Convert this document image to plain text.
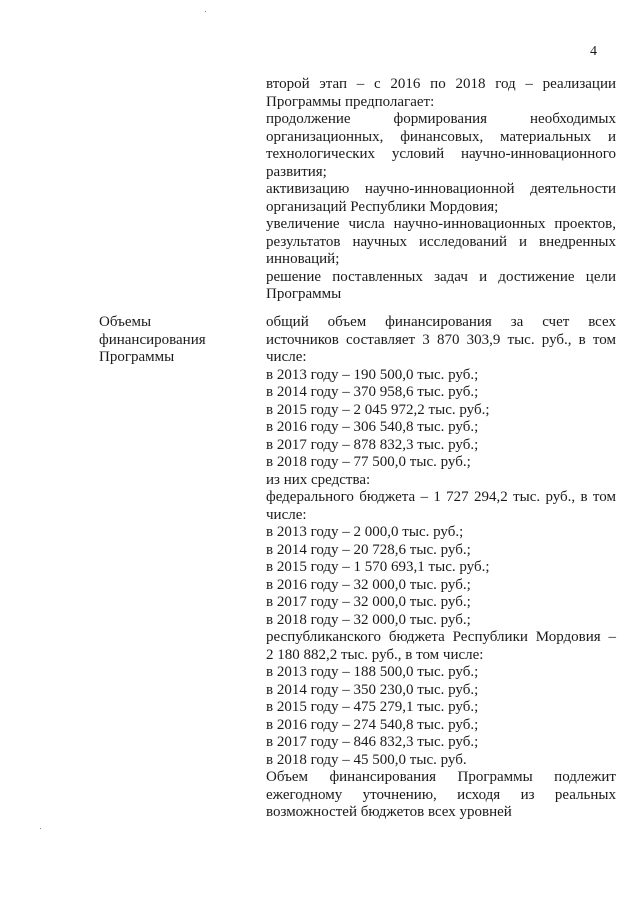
4

второй этап – с 2016 по 2018 год – реализации

Программы предполагает:

продолжение формирования необходимых

организационных, финансовых, материальных и

технологических условий научно-инновационного

развития;

активизацию научно-инновационной деятельности

организаций Республики Мордовия;

увеличение числа научно-инновационных проектов,

результатов научных исследований и внедренных

инноваций;

решение поставленных задач и достижение цели

Программы

Объемы

финансирования

Программы

общий объем финансирования за счет всех

источников составляет 3 870 303,9 тыс. руб., в том

числе:

в 2013 году – 190 500,0 тыс. руб.;

в 2014 году – 370 958,6 тыс. руб.;

в 2015 году – 2 045 972,2 тыс. руб.;

в 2016 году – 306 540,8 тыс. руб.;

в 2017 году – 878 832,3 тыс. руб.;

в 2018 году – 77 500,0 тыс. руб.;

из них средства:

федерального бюджета – 1 727 294,2 тыс. руб., в том

числе:

в 2013 году – 2 000,0 тыс. руб.;

в 2014 году – 20 728,6 тыс. руб.;

в 2015 году – 1 570 693,1 тыс. руб.;

в 2016 году – 32 000,0 тыс. руб.;

в 2017 году – 32 000,0 тыс. руб.;

в 2018 году – 32 000,0 тыс. руб.;

республиканского бюджета Республики Мордовия –

2 180 882,2 тыс. руб., в том числе:

в 2013 году – 188 500,0 тыс. руб.;

в 2014 году – 350 230,0 тыс. руб.;

в 2015 году – 475 279,1 тыс. руб.;

в 2016 году – 274 540,8 тыс. руб.;

в 2017 году – 846 832,3 тыс. руб.;

в 2018 году – 45 500,0 тыс. руб.

Объем финансирования Программы подлежит

ежегодному уточнению, исходя из реальных

возможностей бюджетов всех уровней
